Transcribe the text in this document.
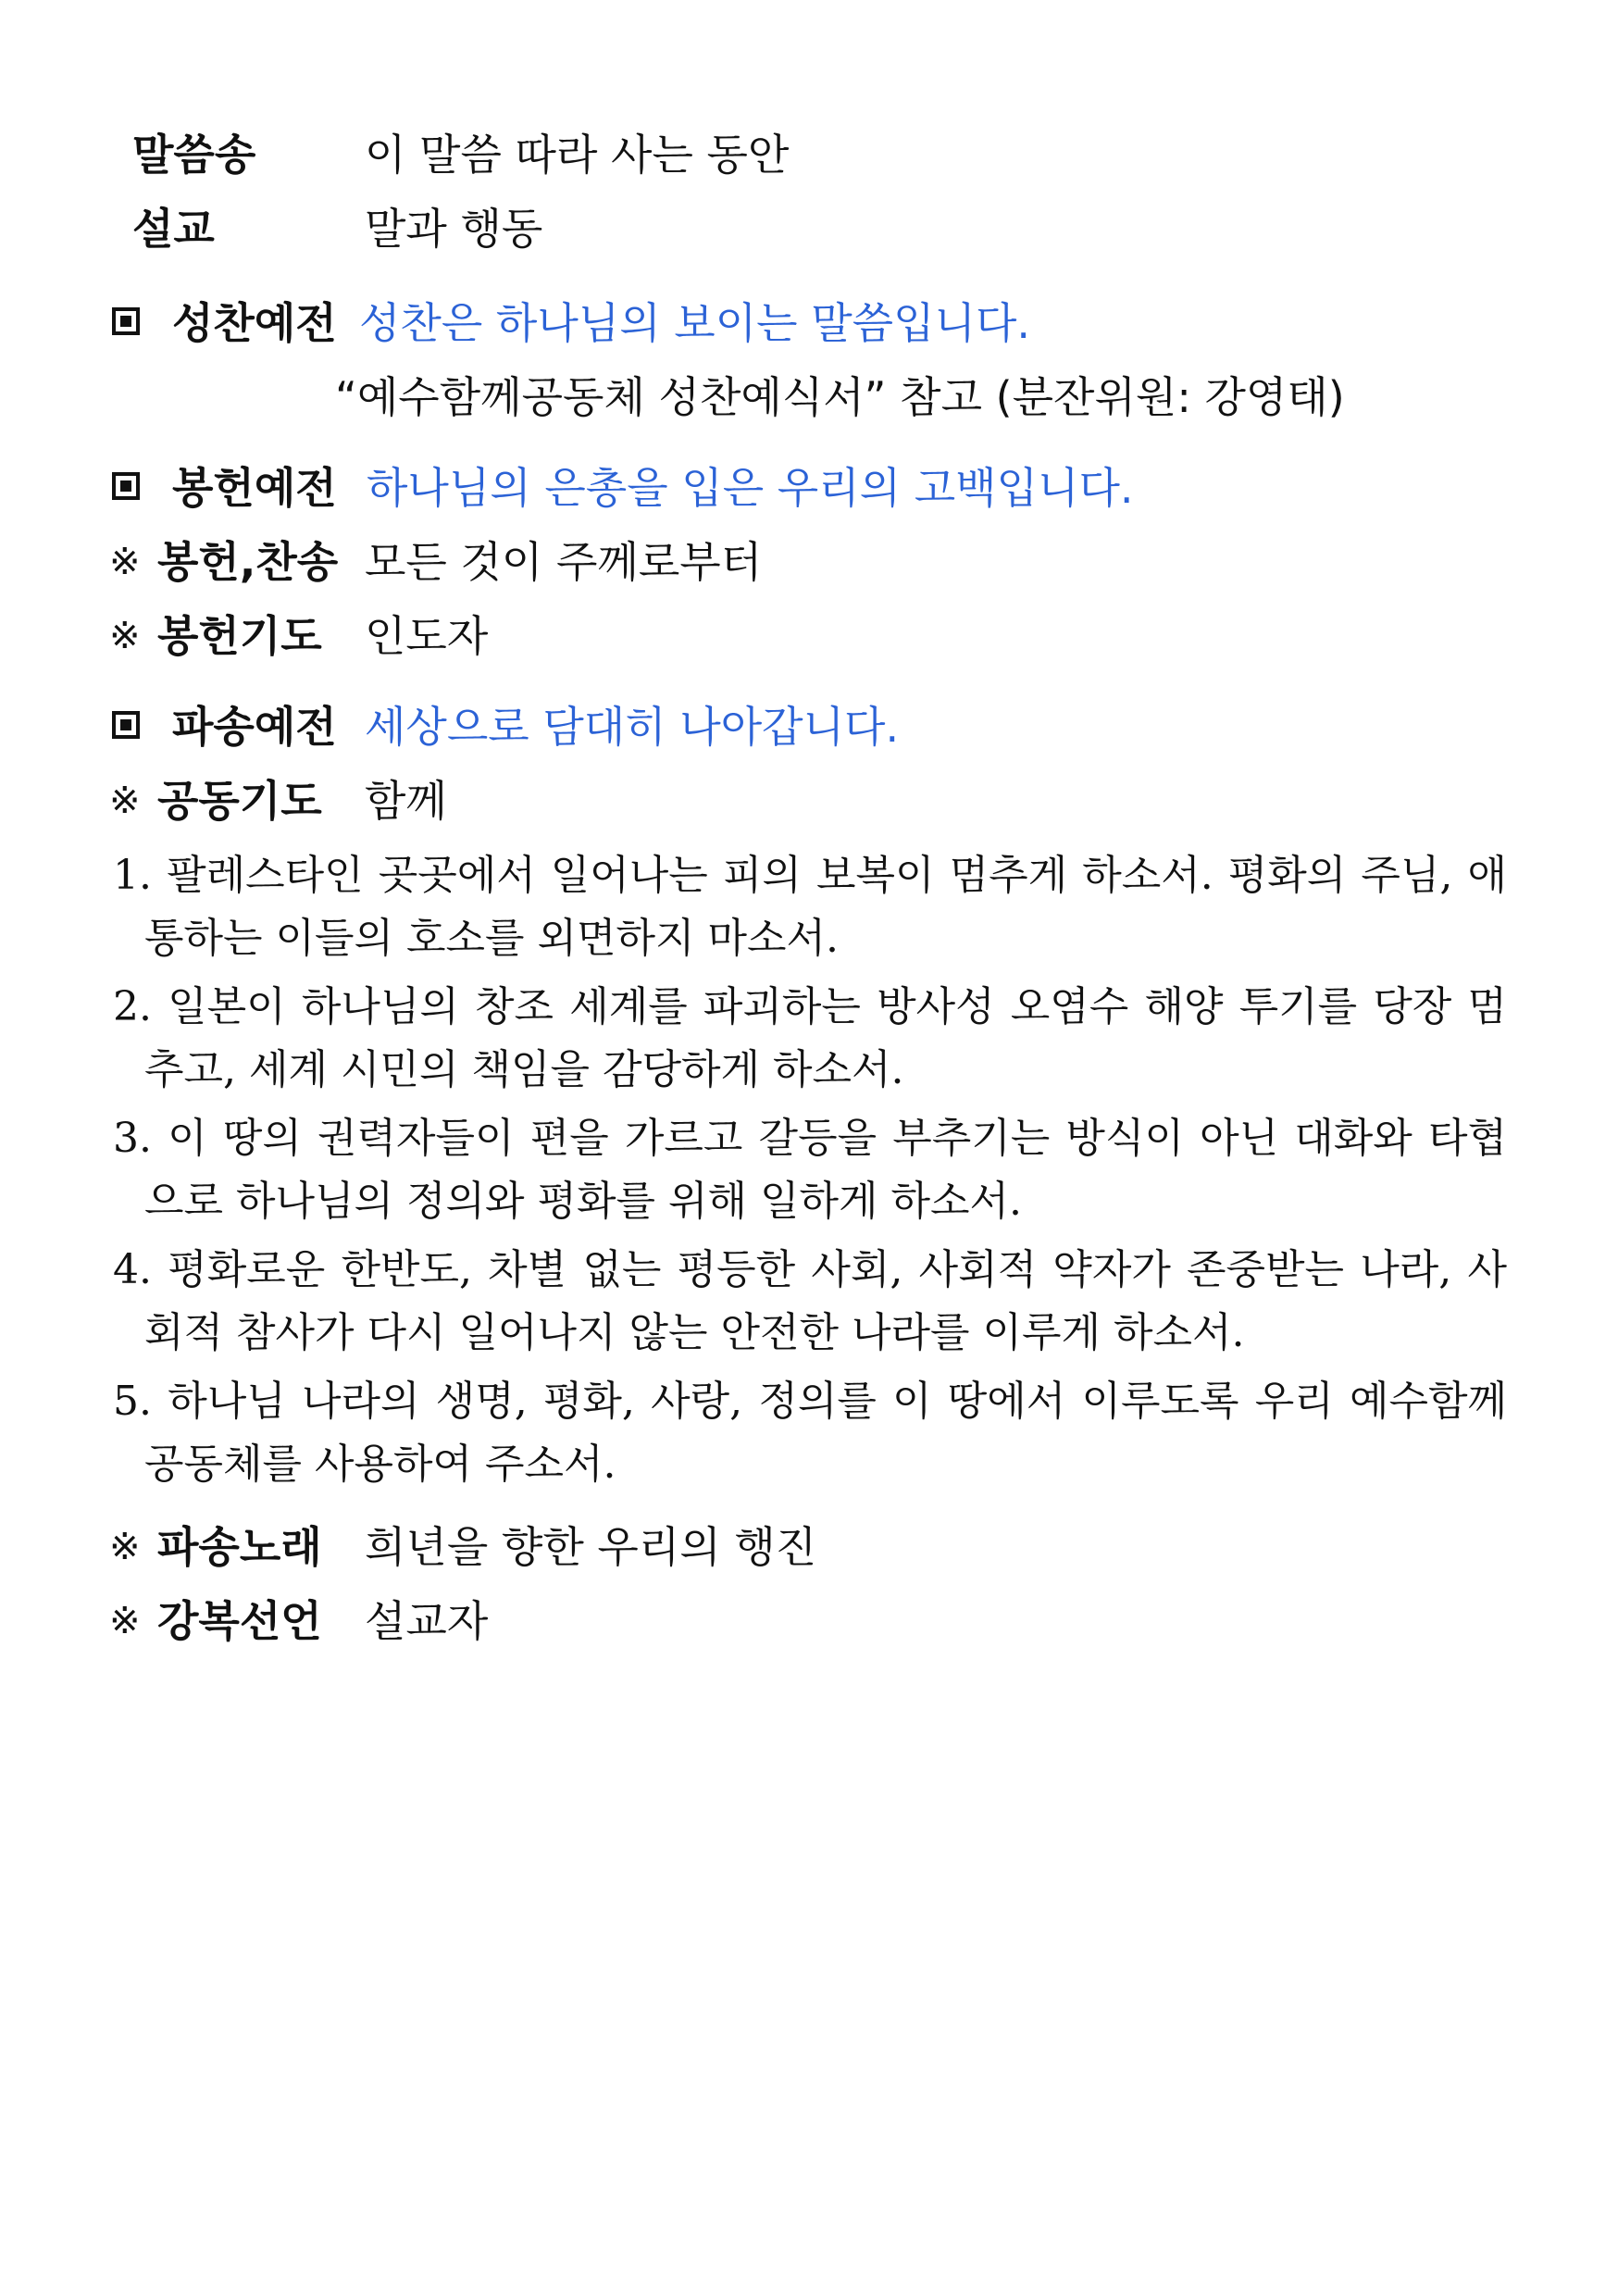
말씀송	이 말씀 따라 사는 동안
설교	말과 행동
성찬예전 성찬은 하나님의 보이는 말씀입니다.
“예수함께공동체 성찬예식서” 참고 (분잔위원: 강영태)
봉헌예전 하나님의 은총을 입은 우리의 고백입니다.
※ 봉헌,찬송 모든 것이 주께로부터
※ 봉헌기도 인도자
파송예전 세상으로 담대히 나아갑니다.
※ 공동기도 함께

1. 팔레스타인 곳곳에서 일어나는 피의 보복이 멈추게 하소서. 평화의 주님, 애통하는 이들의 호소를 외면하지 마소서.

2. 일본이 하나님의 창조 세계를 파괴하는 방사성 오염수 해양 투기를 당장 멈추고, 세계 시민의 책임을 감당하게 하소서.

3. 이 땅의 권력자들이 편을 가르고 갈등을 부추기는 방식이 아닌 대화와 타협으로 하나님의 정의와 평화를 위해 일하게 하소서.

4. 평화로운 한반도, 차별 없는 평등한 사회, 사회적 약자가 존중받는 나라, 사회적 참사가 다시 일어나지 않는 안전한 나라를 이루게 하소서.

5. 하나님 나라의 생명, 평화, 사랑, 정의를 이 땅에서 이루도록 우리 예수함께공동체를 사용하여 주소서.

※ 파송노래 희년을 향한 우리의 행진
※ 강복선언 설교자
